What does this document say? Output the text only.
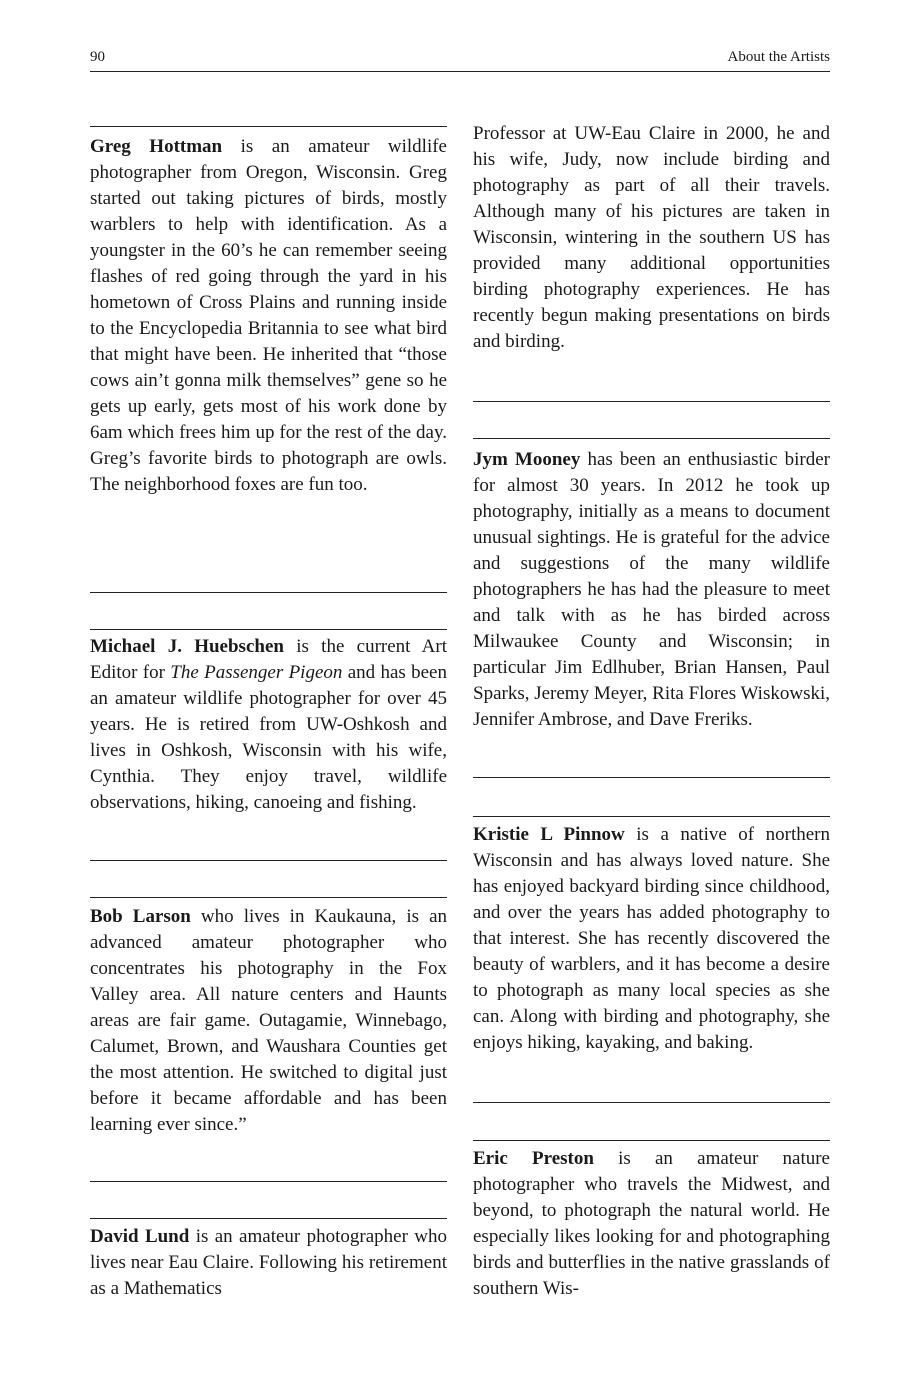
90	About the Artists

Greg Hottman is an amateur wildlife photographer from Oregon, Wisconsin. Greg started out taking pictures of birds, mostly warblers to help with identification. As a youngster in the 60’s he can remember seeing flashes of red going through the yard in his hometown of Cross Plains and running inside to the Encyclopedia Britannia to see what bird that might have been. He inherited that “those cows ain’t gonna milk themselves” gene so he gets up early, gets most of his work done by 6am which frees him up for the rest of the day. Greg’s favorite birds to photograph are owls. The neighborhood foxes are fun too.

Michael J. Huebschen is the current Art Editor for The Passenger Pigeon and has been an amateur wildlife photographer for over 45 years. He is retired from UW-Oshkosh and lives in Oshkosh, Wisconsin with his wife, Cynthia. They enjoy travel, wildlife observations, hiking, canoeing and fishing.

Bob Larson who lives in Kaukauna, is an advanced amateur photographer who concentrates his photography in the Fox Valley area. All nature centers and Haunts areas are fair game. Outagamie, Winnebago, Calumet, Brown, and Waushara Counties get the most attention. He switched to digital just before it became affordable and has been learning ever since.”

David Lund is an amateur photographer who lives near Eau Claire. Following his retirement as a Mathematics

Professor at UW-Eau Claire in 2000, he and his wife, Judy, now include birding and photography as part of all their travels. Although many of his pictures are taken in Wisconsin, wintering in the southern US has provided many additional opportunities birding photography experiences. He has recently begun making presentations on birds and birding.

Jym Mooney has been an enthusiastic birder for almost 30 years. In 2012 he took up photography, initially as a means to document unusual sightings. He is grateful for the advice and suggestions of the many wildlife photographers he has had the pleasure to meet and talk with as he has birded across Milwaukee County and Wisconsin; in particular Jim Edlhuber, Brian Hansen, Paul Sparks, Jeremy Meyer, Rita Flores Wiskowski, Jennifer Ambrose, and Dave Freriks.

Kristie L Pinnow is a native of northern Wisconsin and has always loved nature. She has enjoyed backyard birding since childhood, and over the years has added photography to that interest. She has recently discovered the beauty of warblers, and it has become a desire to photograph as many local species as she can. Along with birding and photography, she enjoys hiking, kayaking, and baking.

Eric Preston is an amateur nature photographer who travels the Midwest, and beyond, to photograph the natural world. He especially likes looking for and photographing birds and butterflies in the native grasslands of southern Wis-
